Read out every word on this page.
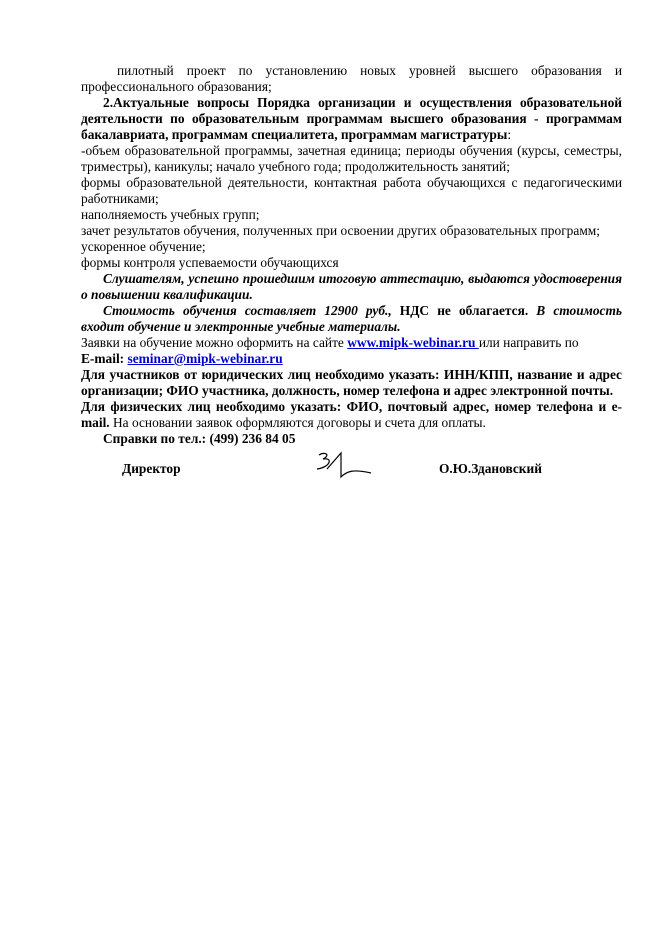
пилотный проект по установлению новых уровней высшего образования и профессионального образования;

2.Актуальные вопросы Порядка организации и осуществления образовательной деятельности по образовательным программам высшего образования - программам бакалавриата, программам специалитета, программам магистратуры:

-объем образовательной программы, зачетная единица; периоды обучения (курсы, семестры, триместры), каникулы; начало учебного года; продолжительность занятий;

формы образовательной деятельности, контактная работа обучающихся с педагогическими работниками;

наполняемость учебных групп;

зачет результатов обучения, полученных при освоении других образовательных программ;

ускоренное обучение;

формы контроля успеваемости обучающихся

Слушателям, успешно прошедшим итоговую аттестацию, выдаются удостоверения о повышении квалификации.

Стоимость обучения составляет 12900 руб., НДС не облагается. В стоимость входит обучение и электронные учебные материалы.

Заявки на обучение можно оформить на сайте www.mipk-webinar.ru или направить по
E-mail: seminar@mipk-webinar.ru

Для участников от юридических лиц необходимо указать: ИНН/КПП, название и адрес организации; ФИО участника, должность, номер телефона и адрес электронной почты.

Для физических лиц необходимо указать: ФИО, почтовый адрес, номер телефона и e-mail. На основании заявок оформляются договоры и счета для оплаты.

Справки по тел.: (499) 236 84 05

Директор	О.Ю.Здановский
